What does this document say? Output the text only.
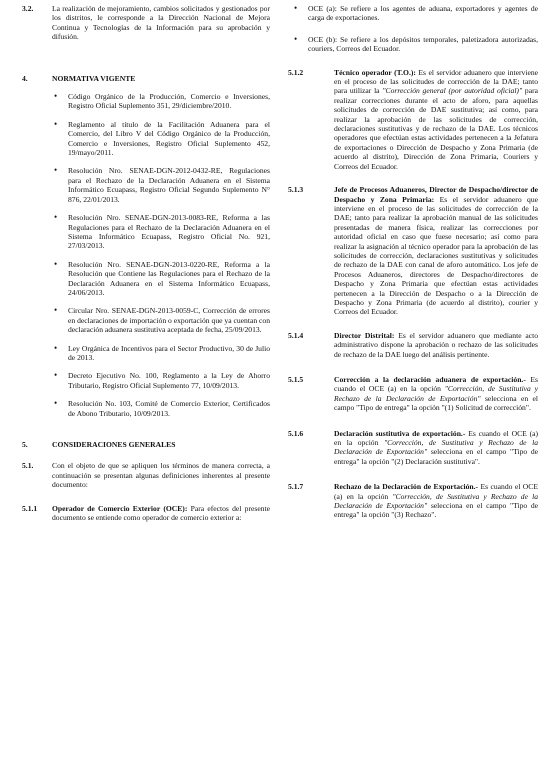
3.2. La realización de mejoramiento, cambios solicitados y gestionados por los distritos, le corresponde a la Dirección Nacional de Mejora Continua y Tecnologías de la Información para su aprobación y difusión.
4.	NORMATIVA VIGENTE
• Código Orgánico de la Producción, Comercio e Inversiones, Registro Oficial Suplemento 351, 29/diciembre/2010.
• Reglamento al título de la Facilitación Aduanera para el Comercio, del Libro V del Código Orgánico de la Producción, Comercio e Inversiones, Registro Oficial Suplemento 452, 19/mayo/2011.
• Resolución Nro. SENAE-DGN-2012-0432-RE, Regulaciones para el Rechazo de la Declaración Aduanera en el Sistema Informático Ecuapass, Registro Oficial Segundo Suplemento N° 876, 22/01/2013.
• Resolución Nro. SENAE-DGN-2013-0083-RE, Reforma a las Regulaciones para el Rechazo de la Declaración Aduanera en el Sistema Informático Ecuapass, Registro Oficial No. 921, 27/03/2013.
• Resolución Nro. SENAE-DGN-2013-0220-RE, Reforma a la Resolución que Contiene las Regulaciones para el Rechazo de la Declaración Aduanera en el Sistema Informático Ecuapass, 24/06/2013.
• Circular Nro. SENAE-DGN-2013-0059-C, Corrección de errores en declaraciones de importación o exportación que ya cuentan con declaración aduanera sustitutiva aceptada de fecha, 25/09/2013.
• Ley Orgánica de Incentivos para el Sector Productivo, 30 de Julio de 2013.
• Decreto Ejecutivo No. 100, Reglamento a la Ley de Ahorro Tributario, Registro Oficial Suplemento 77, 10/09/2013.
• Resolución No. 103, Comité de Comercio Exterior, Certificados de Abono Tributario, 10/09/2013.
5.	CONSIDERACIONES GENERALES
5.1. Con el objeto de que se apliquen los términos de manera correcta, a continuación se presentan algunas definiciones inherentes al presente documento:
5.1.1 Operador de Comercio Exterior (OCE): Para efectos del presente documento se entiende como operador de comercio exterior a:
• OCE (a): Se refiere a los agentes de aduana, exportadores y agentes de carga de exportaciones.
• OCE (b): Se refiere a los depósitos temporales, paletizadora autorizadas, couriers, Correos del Ecuador.
5.1.2	Técnico operador (T.O.): Es el servidor aduanero que interviene en el proceso de las solicitudes de corrección de la DAE; tanto para utilizar la "Corrección general (por autoridad oficial)" para realizar correcciones durante el acto de aforo, para aquellas solicitudes de corrección de DAE sustitutiva; así como, para realizar la aprobación de las solicitudes de corrección, declaraciones sustitutivas y de rechazo de la DAE. Los técnicos operadores que efectúan estas actividades pertenecen a la Jefatura de exportaciones o Dirección de Despacho y Zona Primaria (de acuerdo al distrito), Dirección de Zona Primaria, Couriers y Correos del Ecuador.
5.1.3	Jefe de Procesos Aduaneros, Director de Despacho/director de Despacho y Zona Primaria: Es el servidor aduanero que interviene en el proceso de las solicitudes de corrección de la DAE; tanto para realizar la aprobación manual de las solicitudes presentadas de manera física, realizar las correcciones por autoridad oficial en caso que fuese necesario; así como para realizar la asignación al técnico operador para la aprobación de las solicitudes de corrección, declaraciones sustitutivas y solicitudes de rechazo de la DAE con canal de aforo automático. Los jefe de Procesos Aduaneros, directores de Despacho/directores de Despacho y Zona Primaria que efectúan estas actividades pertenecen a la Dirección de Despacho o a la Dirección de Despacho y Zona Primaria (de acuerdo al distrito), courier y Correos del Ecuador.
5.1.4	Director Distrital: Es el servidor aduanero que mediante acto administrativo dispone la aprobación o rechazo de las solicitudes de rechazo de la DAE luego del análisis pertinente.
5.1.5	Corrección a la declaración aduanera de exportación.- Es cuando el OCE (a) en la opción "Corrección, de Sustitutiva y Rechazo de la Declaración de Exportación" selecciona en el campo "Tipo de entrega" la opción "(1) Solicitud de corrección".
5.1.6	Declaración sustitutiva de exportación.- Es cuando el OCE (a) en la opción "Corrección, de Sustitutiva y Rechazo de la Declaración de Exportación" selecciona en el campo "Tipo de entrega" la opción "(2) Declaración sustitutiva".
5.1.7	Rechazo de la Declaración de Exportación.- Es cuando el OCE (a) en la opción "Corrección, de Sustitutiva y Rechazo de la Declaración de Exportación" selecciona en el campo "Tipo de entrega" la opción "(3) Rechazo".
